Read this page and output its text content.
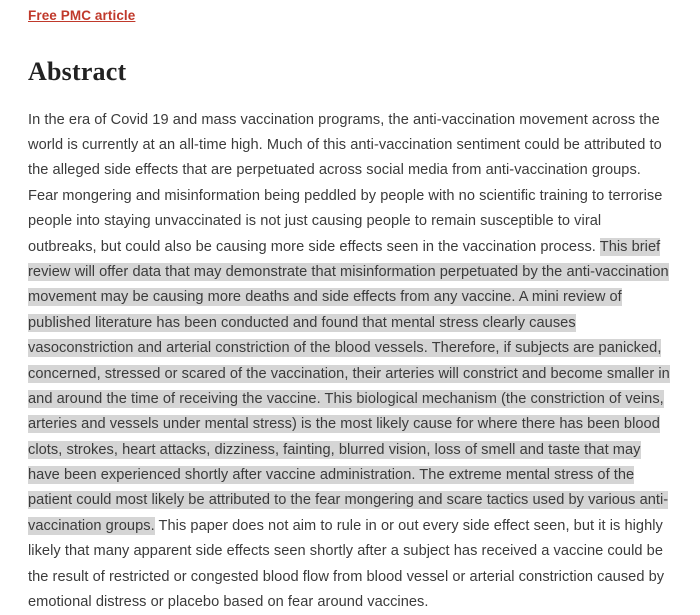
Free PMC article
Abstract

In the era of Covid 19 and mass vaccination programs, the anti-vaccination movement across the world is currently at an all-time high. Much of this anti-vaccination sentiment could be attributed to the alleged side effects that are perpetuated across social media from anti-vaccination groups. Fear mongering and misinformation being peddled by people with no scientific training to terrorise people into staying unvaccinated is not just causing people to remain susceptible to viral outbreaks, but could also be causing more side effects seen in the vaccination process. This brief review will offer data that may demonstrate that misinformation perpetuated by the anti-vaccination movement may be causing more deaths and side effects from any vaccine. A mini review of published literature has been conducted and found that mental stress clearly causes vasoconstriction and arterial constriction of the blood vessels. Therefore, if subjects are panicked, concerned, stressed or scared of the vaccination, their arteries will constrict and become smaller in and around the time of receiving the vaccine. This biological mechanism (the constriction of veins, arteries and vessels under mental stress) is the most likely cause for where there has been blood clots, strokes, heart attacks, dizziness, fainting, blurred vision, loss of smell and taste that may have been experienced shortly after vaccine administration. The extreme mental stress of the patient could most likely be attributed to the fear mongering and scare tactics used by various anti-vaccination groups. This paper does not aim to rule in or out every side effect seen, but it is highly likely that many apparent side effects seen shortly after a subject has received a vaccine could be the result of restricted or congested blood flow from blood vessel or arterial constriction caused by emotional distress or placebo based on fear around vaccines.
